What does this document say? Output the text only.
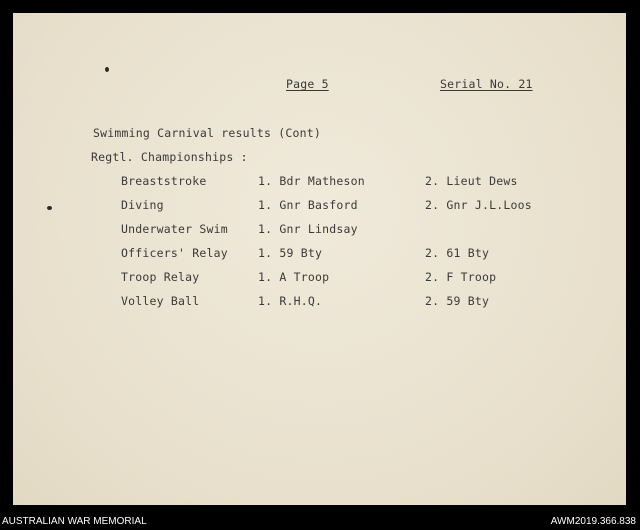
Page 5	Serial No. 21
Swimming Carnival results (Cont)
Regtl. Championships :
Breaststroke	1. Bdr Matheson	2. Lieut Dews
Diving	1. Gnr Basford	2. Gnr J.L.Loos
Underwater Swim	1. Gnr Lindsay
Officers' Relay	1. 59 Bty	2. 61 Bty
Troop Relay	1. A Troop	2. F Troop
Volley Ball	1. R.H.Q.	2. 59 Bty
AUSTRALIAN WAR MEMORIAL	AWM2019.366.838
